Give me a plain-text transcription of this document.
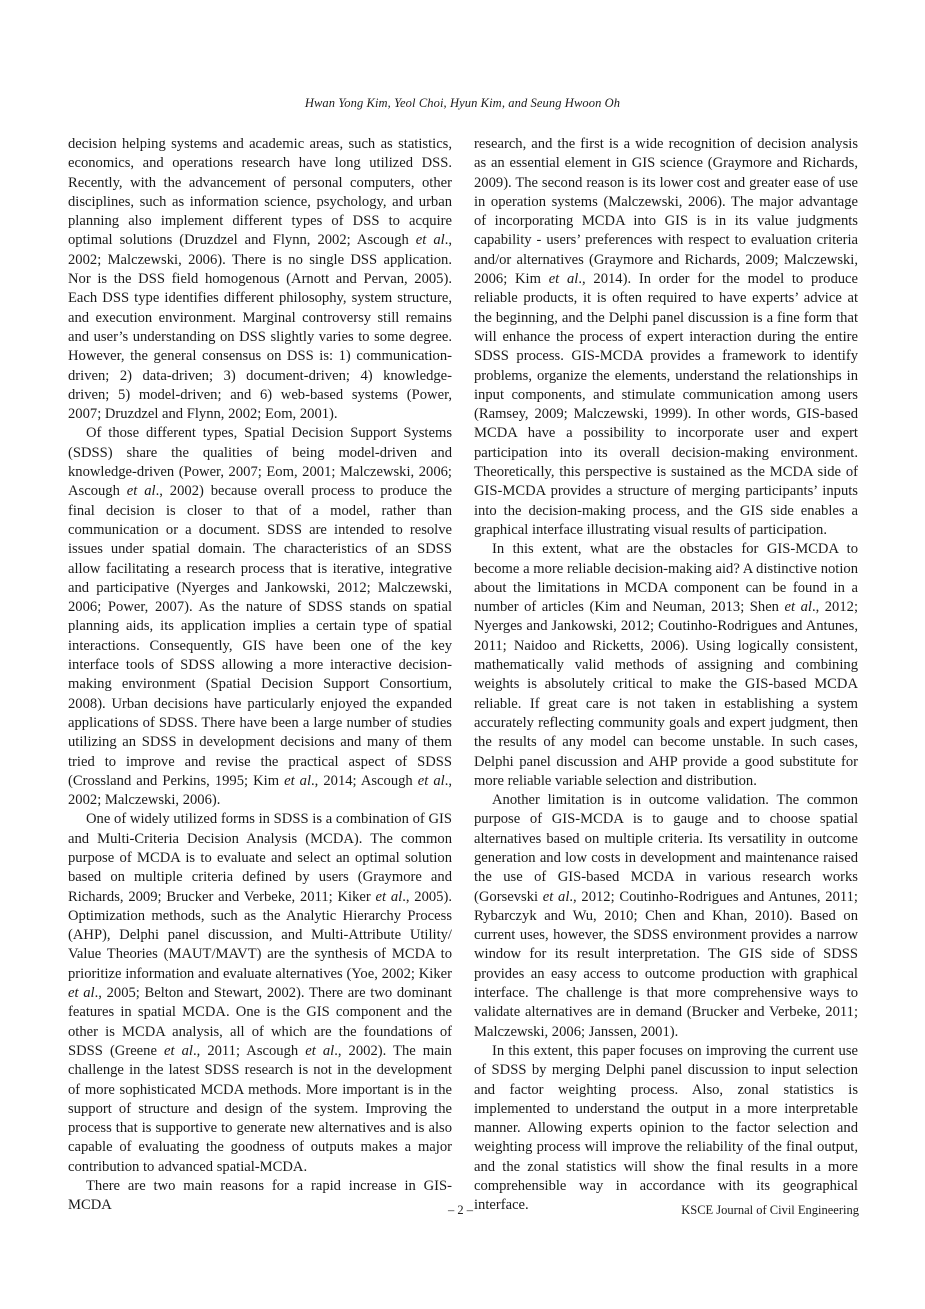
Hwan Yong Kim, Yeol Choi, Hyun Kim, and Seung Hwoon Oh

decision helping systems and academic areas, such as statistics, economics, and operations research have long utilized DSS. Recently, with the advancement of personal computers, other disciplines, such as information science, psychology, and urban planning also implement different types of DSS to acquire optimal solutions (Druzdzel and Flynn, 2002; Ascough et al., 2002; Malczewski, 2006). There is no single DSS application. Nor is the DSS field homogenous (Arnott and Pervan, 2005). Each DSS type identifies different philosophy, system structure, and execution environment. Marginal controversy still remains and user’s understanding on DSS slightly varies to some degree. However, the general consensus on DSS is: 1) communication-driven; 2) data-driven; 3) document-driven; 4) knowledge-driven; 5) model-driven; and 6) web-based systems (Power, 2007; Druzdzel and Flynn, 2002; Eom, 2001).

Of those different types, Spatial Decision Support Systems (SDSS) share the qualities of being model-driven and knowledge-driven (Power, 2007; Eom, 2001; Malczewski, 2006; Ascough et al., 2002) because overall process to produce the final decision is closer to that of a model, rather than communication or a document. SDSS are intended to resolve issues under spatial domain. The characteristics of an SDSS allow facilitating a research process that is iterative, integrative and participative (Nyerges and Jankowski, 2012; Malczewski, 2006; Power, 2007). As the nature of SDSS stands on spatial planning aids, its application implies a certain type of spatial interactions. Consequently, GIS have been one of the key interface tools of SDSS allowing a more interactive decision-making environment (Spatial Decision Support Consortium, 2008). Urban decisions have particularly enjoyed the expanded applications of SDSS. There have been a large number of studies utilizing an SDSS in development decisions and many of them tried to improve and revise the practical aspect of SDSS (Crossland and Perkins, 1995; Kim et al., 2014; Ascough et al., 2002; Malczewski, 2006).

One of widely utilized forms in SDSS is a combination of GIS and Multi-Criteria Decision Analysis (MCDA). The common purpose of MCDA is to evaluate and select an optimal solution based on multiple criteria defined by users (Graymore and Richards, 2009; Brucker and Verbeke, 2011; Kiker et al., 2005). Optimization methods, such as the Analytic Hierarchy Process (AHP), Delphi panel discussion, and Multi-Attribute Utility/ Value Theories (MAUT/MAVT) are the synthesis of MCDA to prioritize information and evaluate alternatives (Yoe, 2002; Kiker et al., 2005; Belton and Stewart, 2002). There are two dominant features in spatial MCDA. One is the GIS component and the other is MCDA analysis, all of which are the foundations of SDSS (Greene et al., 2011; Ascough et al., 2002). The main challenge in the latest SDSS research is not in the development of more sophisticated MCDA methods. More important is in the support of structure and design of the system. Improving the process that is supportive to generate new alternatives and is also capable of evaluating the goodness of outputs makes a major contribution to advanced spatial-MCDA.

There are two main reasons for a rapid increase in GIS-MCDA

research, and the first is a wide recognition of decision analysis as an essential element in GIS science (Graymore and Richards, 2009). The second reason is its lower cost and greater ease of use in operation systems (Malczewski, 2006). The major advantage of incorporating MCDA into GIS is in its value judgments capability - users’ preferences with respect to evaluation criteria and/or alternatives (Graymore and Richards, 2009; Malczewski, 2006; Kim et al., 2014). In order for the model to produce reliable products, it is often required to have experts’ advice at the beginning, and the Delphi panel discussion is a fine form that will enhance the process of expert interaction during the entire SDSS process. GIS-MCDA provides a framework to identify problems, organize the elements, understand the relationships in input components, and stimulate communication among users (Ramsey, 2009; Malczewski, 1999). In other words, GIS-based MCDA have a possibility to incorporate user and expert participation into its overall decision-making environment. Theoretically, this perspective is sustained as the MCDA side of GIS-MCDA provides a structure of merging participants’ inputs into the decision-making process, and the GIS side enables a graphical interface illustrating visual results of participation.

In this extent, what are the obstacles for GIS-MCDA to become a more reliable decision-making aid? A distinctive notion about the limitations in MCDA component can be found in a number of articles (Kim and Neuman, 2013; Shen et al., 2012; Nyerges and Jankowski, 2012; Coutinho-Rodrigues and Antunes, 2011; Naidoo and Ricketts, 2006). Using logically consistent, mathematically valid methods of assigning and combining weights is absolutely critical to make the GIS-based MCDA reliable. If great care is not taken in establishing a system accurately reflecting community goals and expert judgment, then the results of any model can become unstable. In such cases, Delphi panel discussion and AHP provide a good substitute for more reliable variable selection and distribution.

Another limitation is in outcome validation. The common purpose of GIS-MCDA is to gauge and to choose spatial alternatives based on multiple criteria. Its versatility in outcome generation and low costs in development and maintenance raised the use of GIS-based MCDA in various research works (Gorsevski et al., 2012; Coutinho-Rodrigues and Antunes, 2011; Rybarczyk and Wu, 2010; Chen and Khan, 2010). Based on current uses, however, the SDSS environment provides a narrow window for its result interpretation. The GIS side of SDSS provides an easy access to outcome production with graphical interface. The challenge is that more comprehensive ways to validate alternatives are in demand (Brucker and Verbeke, 2011; Malczewski, 2006; Janssen, 2001).

In this extent, this paper focuses on improving the current use of SDSS by merging Delphi panel discussion to input selection and factor weighting process. Also, zonal statistics is implemented to understand the output in a more interpretable manner. Allowing experts opinion to the factor selection and weighting process will improve the reliability of the final output, and the zonal statistics will show the final results in a more comprehensible way in accordance with its geographical interface.

– 2 –	KSCE Journal of Civil Engineering
